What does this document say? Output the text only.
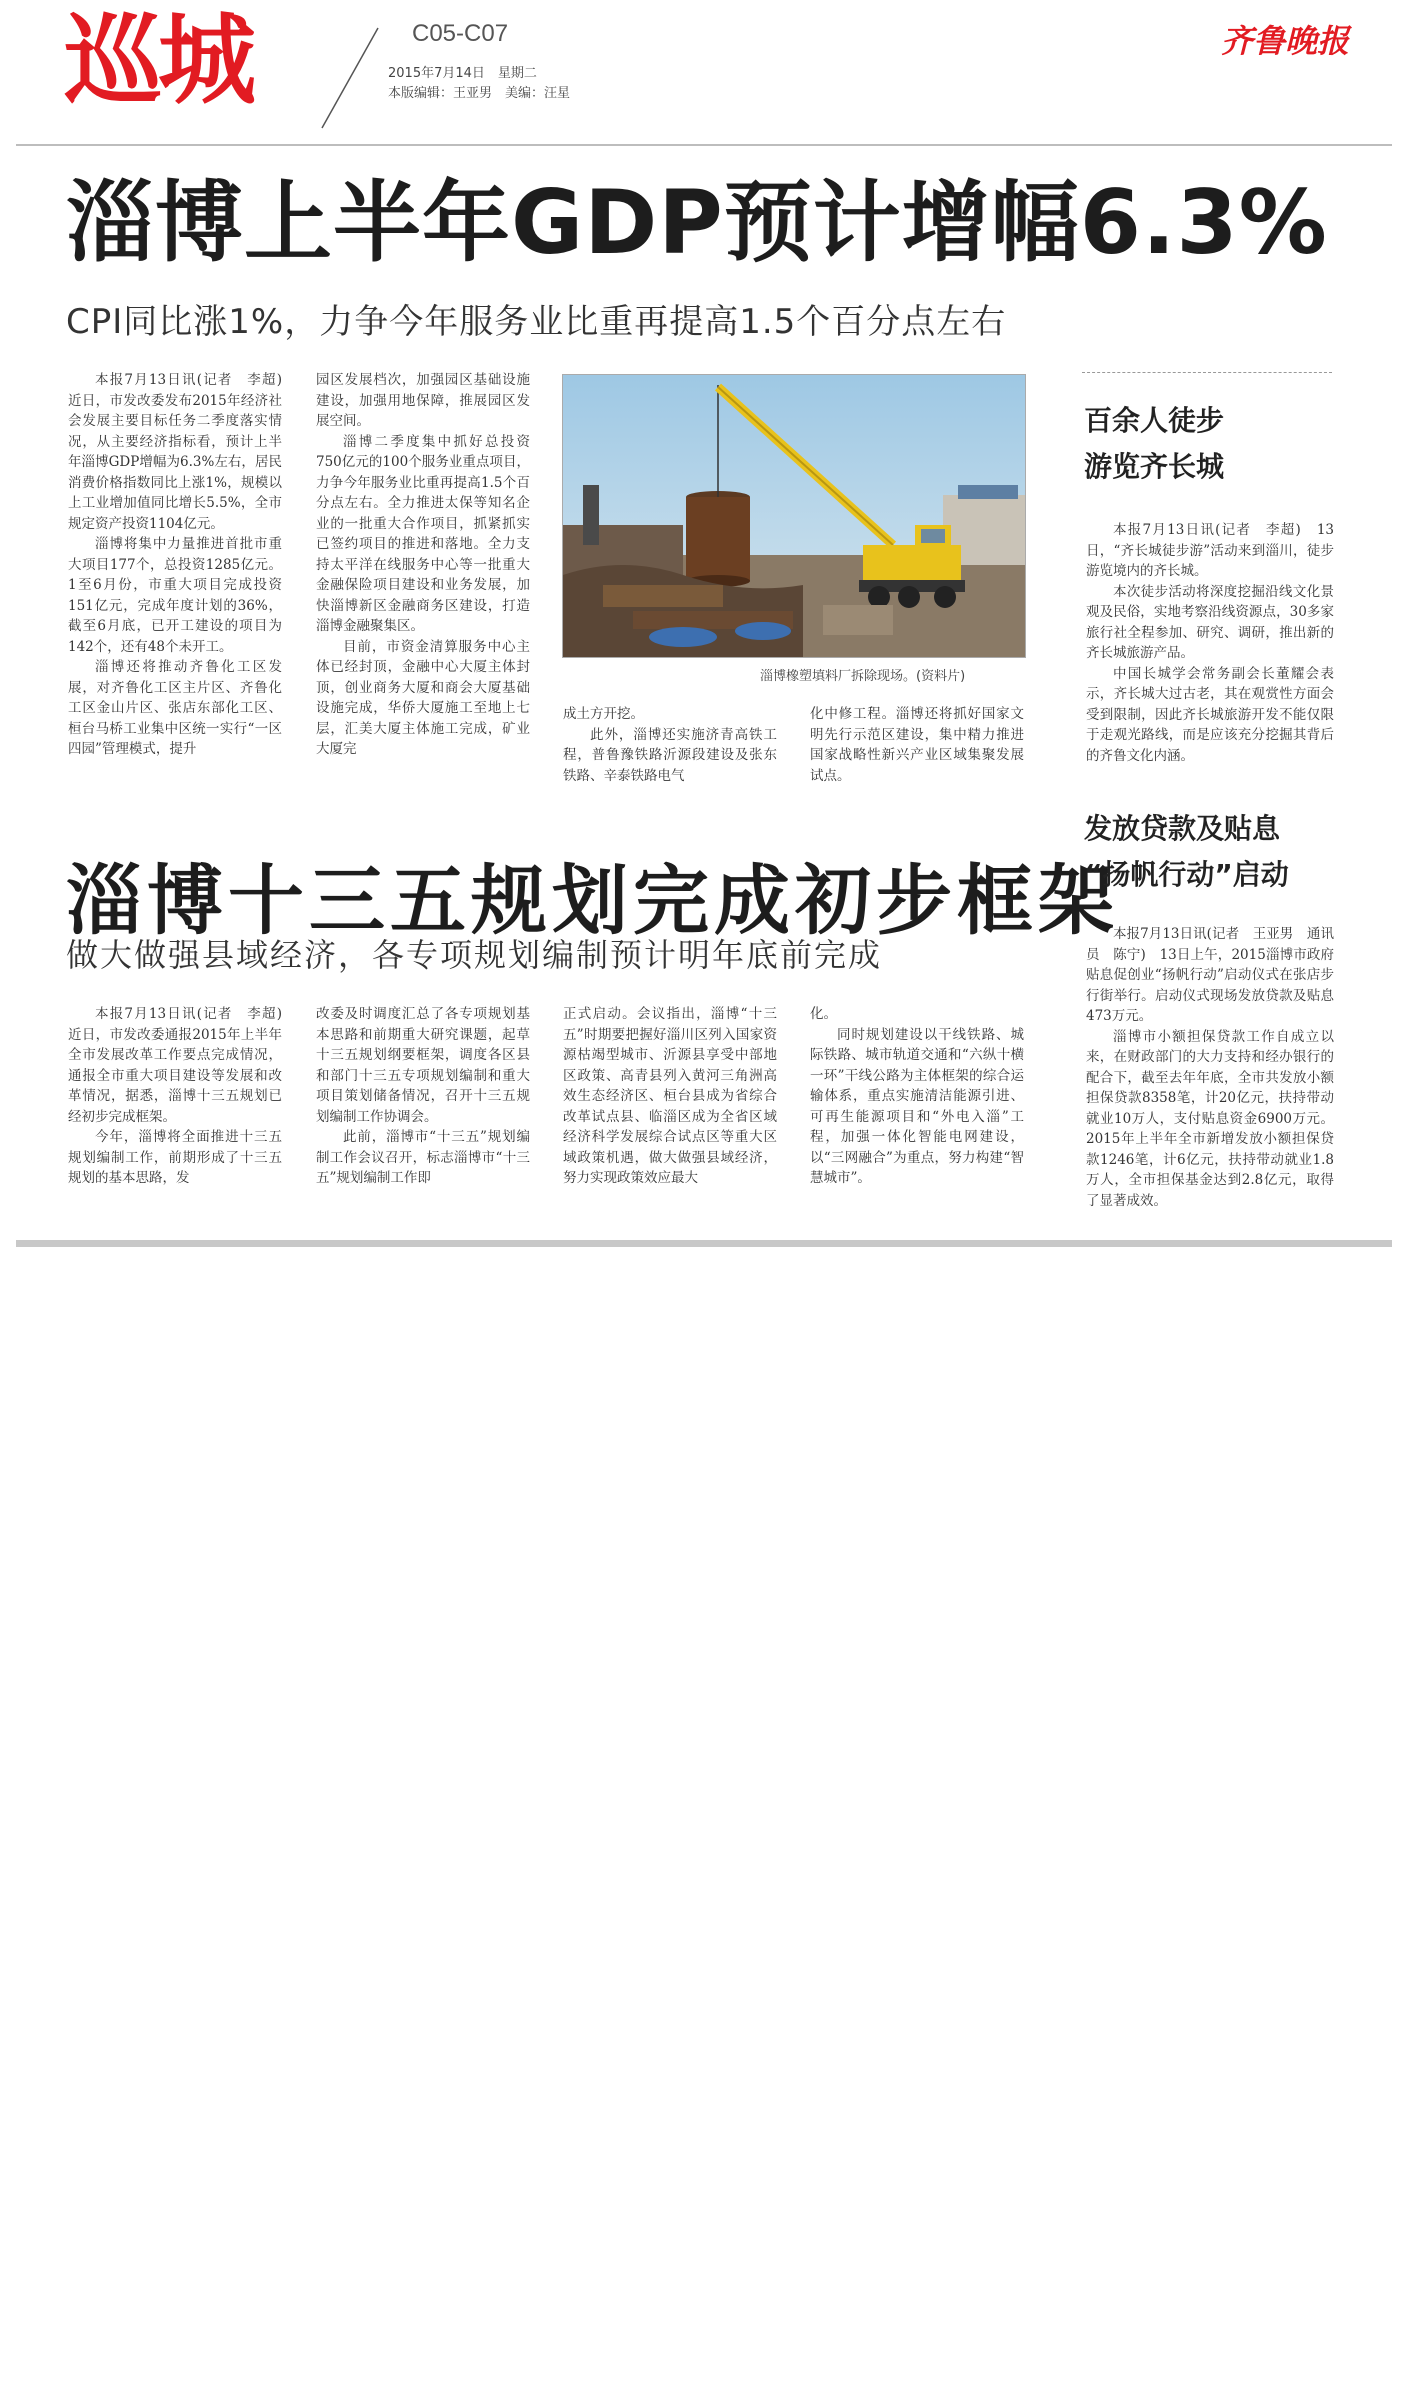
巡城	C05-C07
2015年7月14日　星期二
本版编辑：王亚男　美编：汪星
齐鲁晚报
淄博上半年GDP预计增幅6.3%
CPI同比涨1%，力争今年服务业比重再提高1.5个百分点左右

本报7月13日讯(记者　李超)　近日，市发改委发布2015年经济社会发展主要目标任务二季度落实情况，从主要经济指标看，预计上半年淄博GDP增幅为6.3%左右，居民消费价格指数同比上涨1%，规模以上工业增加值同比增长5.5%，全市规定资产投资1104亿元。

淄博将集中力量推进首批市重大项目177个，总投资1285亿元。1至6月份，市重大项目完成投资151亿元，完成年度计划的36%，截至6月底，已开工建设的项目为142个，还有48个未开工。

淄博还将推动齐鲁化工区发展，对齐鲁化工区主片区、齐鲁化工区金山片区、张店东部化工区、桓台马桥工业集中区统一实行“一区四园”管理模式，提升

园区发展档次，加强园区基础设施建设，加强用地保障，推展园区发展空间。

淄博二季度集中抓好总投资750亿元的100个服务业重点项目，力争今年服务业比重再提高1.5个百分点左右。全力推进太保等知名企业的一批重大合作项目，抓紧抓实已签约项目的推进和落地。全力支持太平洋在线服务中心等一批重大金融保险项目建设和业务发展，加快淄博新区金融商务区建设，打造淄博金融聚集区。

目前，市资金清算服务中心主体已经封顶，金融中心大厦主体封顶，创业商务大厦和商会大厦基础设施完成，华侨大厦施工至地上七层，汇美大厦主体施工完成，矿业大厦完

淄博橡塑填料厂拆除现场。(资料片)

成土方开挖。

此外，淄博还实施济青高铁工程，普鲁豫铁路沂源段建设及张东铁路、辛泰铁路电气

化中修工程。淄博还将抓好国家文明先行示范区建设，集中精力推进国家战略性新兴产业区域集聚发展试点。

淄博十三五规划完成初步框架
做大做强县域经济，各专项规划编制预计明年底前完成

本报7月13日讯(记者　李超)　近日，市发改委通报2015年上半年全市发展改革工作要点完成情况，通报全市重大项目建设等发展和改革情况，据悉，淄博十三五规划已经初步完成框架。

今年，淄博将全面推进十三五规划编制工作，前期形成了十三五规划的基本思路，发

改委及时调度汇总了各专项规划基本思路和前期重大研究课题，起草十三五规划纲要框架，调度各区县和部门十三五专项规划编制和重大项目策划储备情况，召开十三五规划编制工作协调会。

此前，淄博市“十三五”规划编制工作会议召开，标志淄博市“十三五”规划编制工作即

正式启动。会议指出，淄博“十三五”时期要把握好淄川区列入国家资源枯竭型城市、沂源县享受中部地区政策、高青县列入黄河三角洲高效生态经济区、桓台县成为省综合改革试点县、临淄区成为全省区域经济科学发展综合试点区等重大区域政策机遇，做大做强县域经济，努力实现政策效应最大

化。

同时规划建设以干线铁路、城际铁路、城市轨道交通和“六纵十横一环”干线公路为主体框架的综合运输体系，重点实施清洁能源引进、可再生能源项目和“外电入淄”工程，加强一体化智能电网建设，以“三网融合”为重点，努力构建“智慧城市”。

百余人徒步
游览齐长城

本报7月13日讯(记者　李超)　13日，“齐长城徒步游”活动来到淄川，徒步游览境内的齐长城。

本次徒步活动将深度挖掘沿线文化景观及民俗，实地考察沿线资源点，30多家旅行社全程参加、研究、调研，推出新的齐长城旅游产品。

中国长城学会常务副会长董耀会表示，齐长城大过古老，其在观赏性方面会受到限制，因此齐长城旅游开发不能仅限于走观光路线，而是应该充分挖掘其背后的齐鲁文化内涵。

发放贷款及贴息
“扬帆行动”启动

本报7月13日讯(记者　王亚男　通讯员　陈宁)　13日上午，2015淄博市政府贴息促创业“扬帆行动”启动仪式在张店步行街举行。启动仪式现场发放贷款及贴息473万元。

淄博市小额担保贷款工作自成立以来，在财政部门的大力支持和经办银行的配合下，截至去年年底，全市共发放小额担保贷款8358笔，计20亿元，扶持带动就业10万人，支付贴息资金6900万元。2015年上半年全市新增发放小额担保贷款1246笔，计6亿元，扶持带动就业1.8万人，全市担保基金达到2.8亿元，取得了显著成效。
